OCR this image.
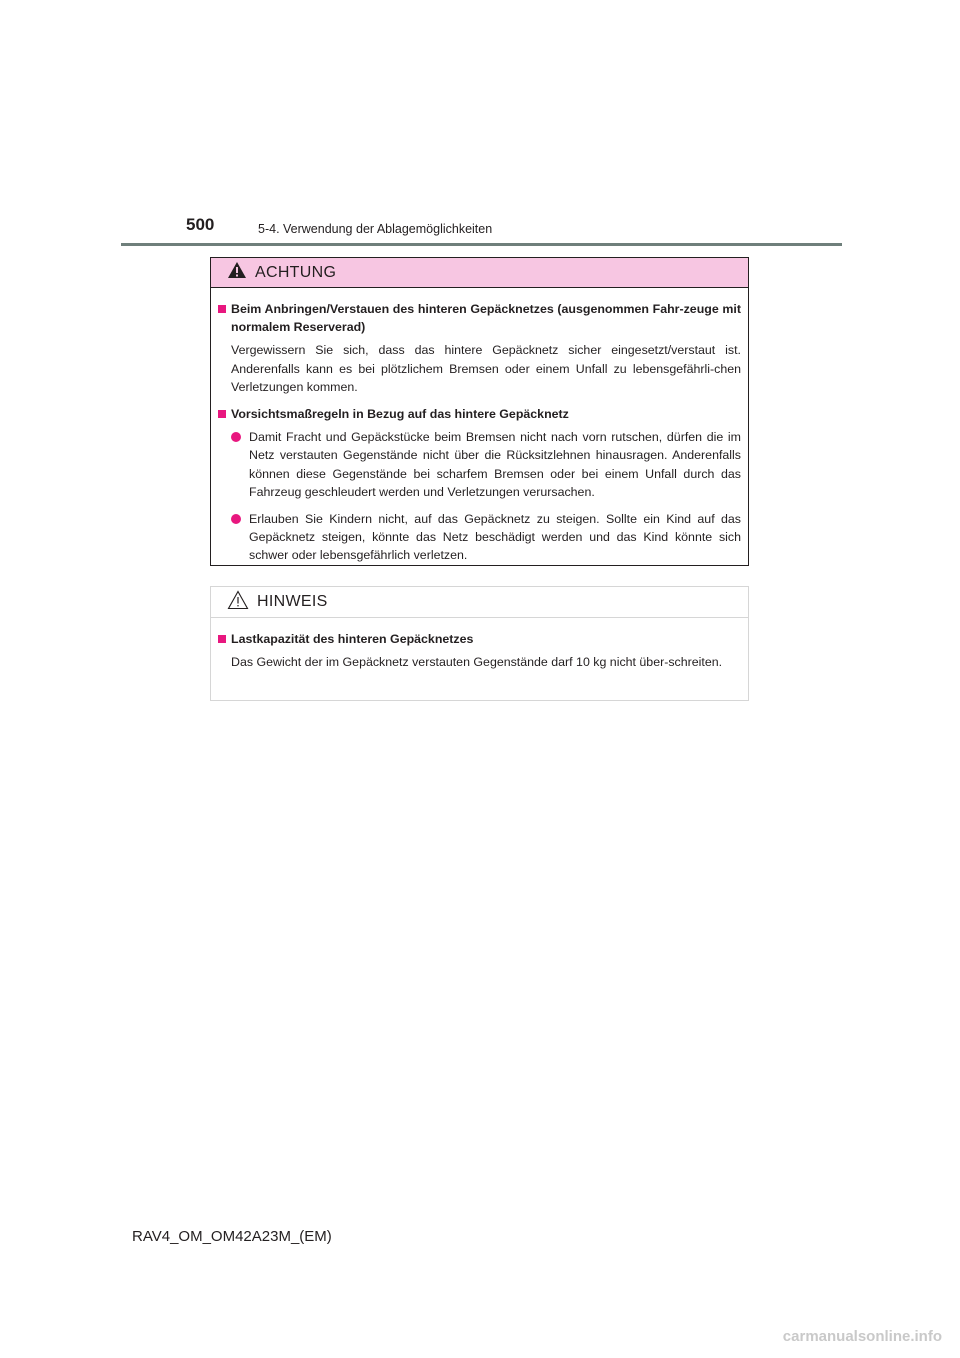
500	5-4. Verwendung der Ablagemöglichkeiten
ACHTUNG
Beim Anbringen/Verstauen des hinteren Gepäcknetzes (ausgenommen Fahr-zeuge mit normalem Reserverad)
Vergewissern Sie sich, dass das hintere Gepäcknetz sicher eingesetzt/verstaut ist. Anderenfalls kann es bei plötzlichem Bremsen oder einem Unfall zu lebensgefährli-chen Verletzungen kommen.
Vorsichtsmaßregeln in Bezug auf das hintere Gepäcknetz
Damit Fracht und Gepäckstücke beim Bremsen nicht nach vorn rutschen, dürfen die im Netz verstauten Gegenstände nicht über die Rücksitzlehnen hinausragen. Anderenfalls können diese Gegenstände bei scharfem Bremsen oder bei einem Unfall durch das Fahrzeug geschleudert werden und Verletzungen verursachen.
Erlauben Sie Kindern nicht, auf das Gepäcknetz zu steigen. Sollte ein Kind auf das Gepäcknetz steigen, könnte das Netz beschädigt werden und das Kind könnte sich schwer oder lebensgefährlich verletzen.
HINWEIS
Lastkapazität des hinteren Gepäcknetzes
Das Gewicht der im Gepäcknetz verstauten Gegenstände darf 10 kg nicht über-schreiten.
RAV4_OM_OM42A23M_(EM)
carmanualsonline.info
